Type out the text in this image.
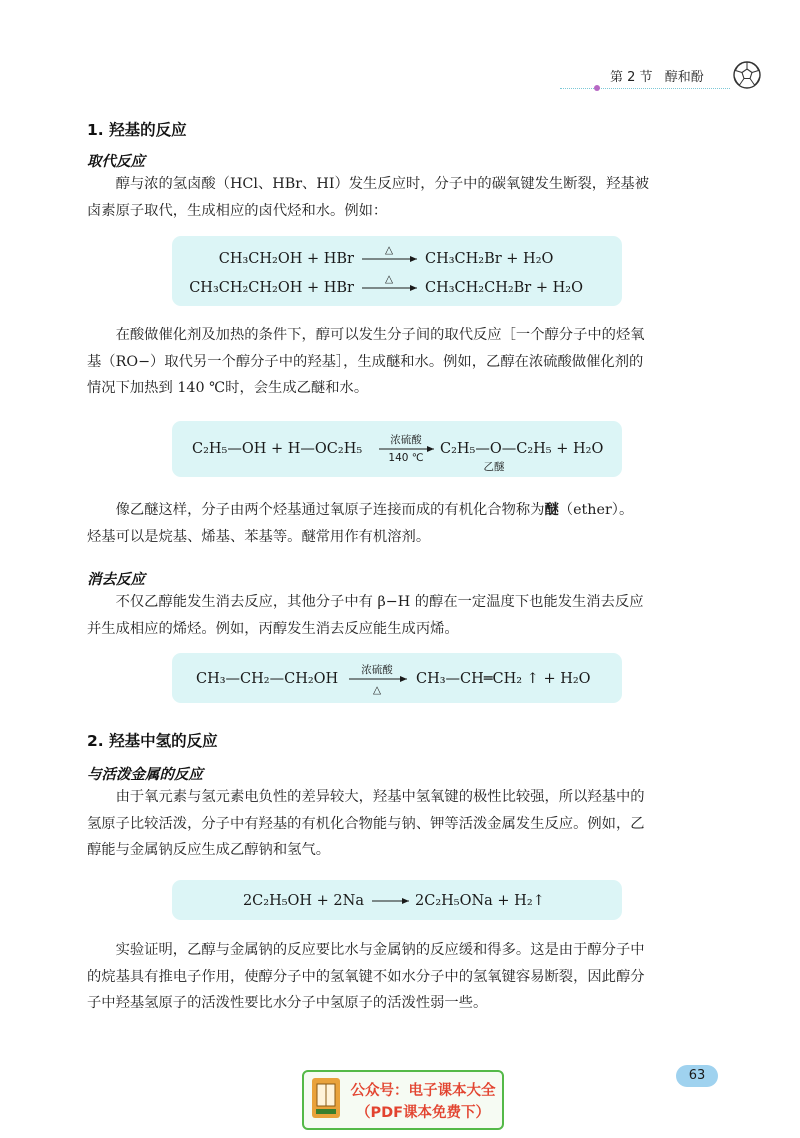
第 2 节 醇和酚
1. 羟基的反应
取代反应

醇与浓的氢卤酸（HCl、HBr、HI）发生反应时，分子中的碳氧键发生断裂，羟基被

卤素原子取代，生成相应的卤代烃和水。例如：

CH₃CH₂OH + HBr
△
CH₃CH₂Br + H₂O
CH₃CH₂CH₂OH + HBr
△
CH₃CH₂CH₂Br + H₂O

在酸做催化剂及加热的条件下，醇可以发生分子间的取代反应［一个醇分子中的烃氧

基（RO−）取代另一个醇分子中的羟基］，生成醚和水。例如，乙醇在浓硫酸做催化剂的

情况下加热到 140 ℃时，会生成乙醚和水。

C₂H₅—OH + H—OC₂H₅
浓硫酸
140 ℃
C₂H₅—O—C₂H₅ + H₂O
乙醚

像乙醚这样，分子由两个烃基通过氧原子连接而成的有机化合物称为醚（ether）。

烃基可以是烷基、烯基、苯基等。醚常用作有机溶剂。

消去反应

不仅乙醇能发生消去反应，其他分子中有 β−H 的醇在一定温度下也能发生消去反应

并生成相应的烯烃。例如，丙醇发生消去反应能生成丙烯。

CH₃—CH₂—CH₂OH
浓硫酸
△
CH₃—CH═CH₂ ↑ + H₂O
2. 羟基中氢的反应
与活泼金属的反应

由于氧元素与氢元素电负性的差异较大，羟基中氢氧键的极性比较强，所以羟基中的

氢原子比较活泼，分子中有羟基的有机化合物能与钠、钾等活泼金属发生反应。例如，乙

醇能与金属钠反应生成乙醇钠和氢气。

2C₂H₅OH + 2Na	2C₂H₅ONa + H₂↑

实验证明，乙醇与金属钠的反应要比水与金属钠的反应缓和得多。这是由于醇分子中

的烷基具有推电子作用，使醇分子中的氢氧键不如水分子中的氢氧键容易断裂，因此醇分

子中羟基氢原子的活泼性要比水分子中氢原子的活泼性弱一些。

63
公众号：电子课本大全
（PDF课本免费下）
